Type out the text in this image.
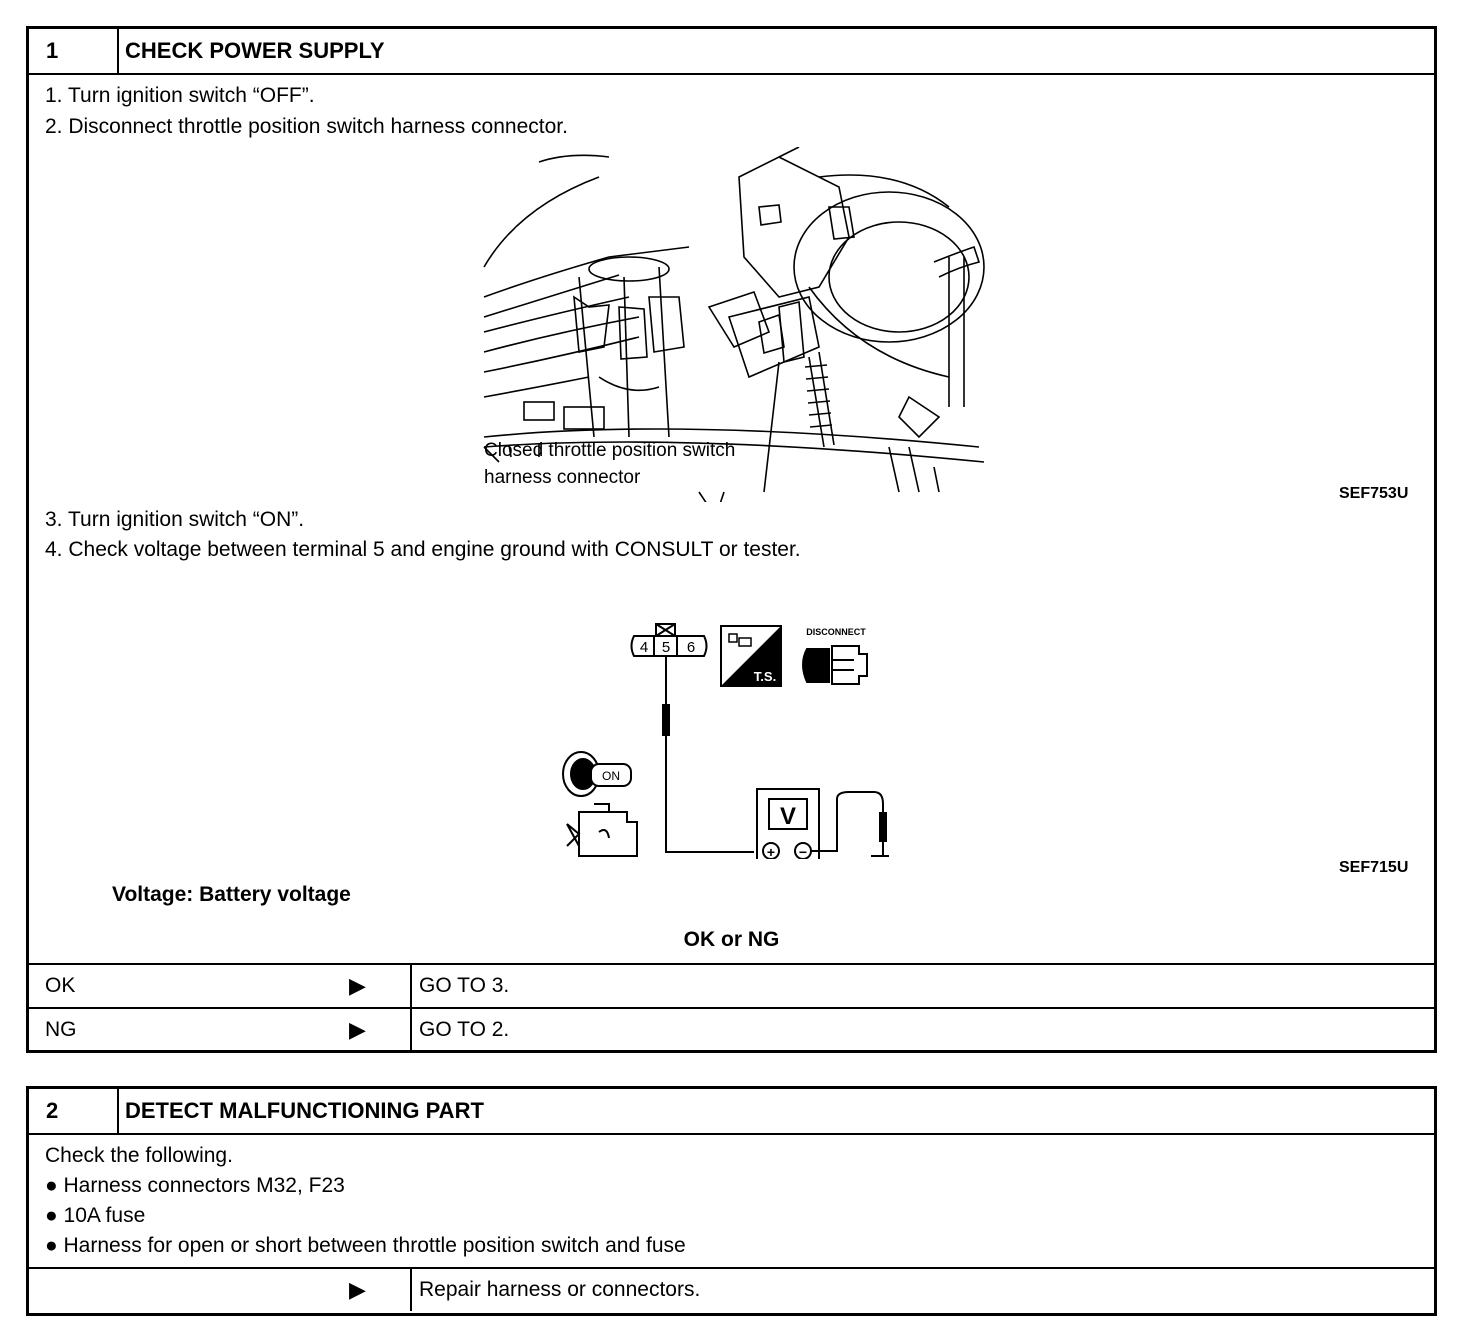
1	CHECK POWER SUPPLY
1. Turn ignition switch “OFF”.
2. Disconnect throttle position switch harness connector.
Closed throttle position switch
harness connector
SEF753U
3. Turn ignition switch “ON”.
4. Check voltage between terminal 5 and engine ground with CONSULT or tester.
4 5 6
T.S.
DISCONNECT
ON
V
+ −
SEF715U
Voltage: Battery voltage
OK or NG
OK	▶	GO TO 3.
NG	▶	GO TO 2.
2	DETECT MALFUNCTIONING PART
Check the following.
● Harness connectors M32, F23
● 10A fuse
● Harness for open or short between throttle position switch and fuse
▶	Repair harness or connectors.
